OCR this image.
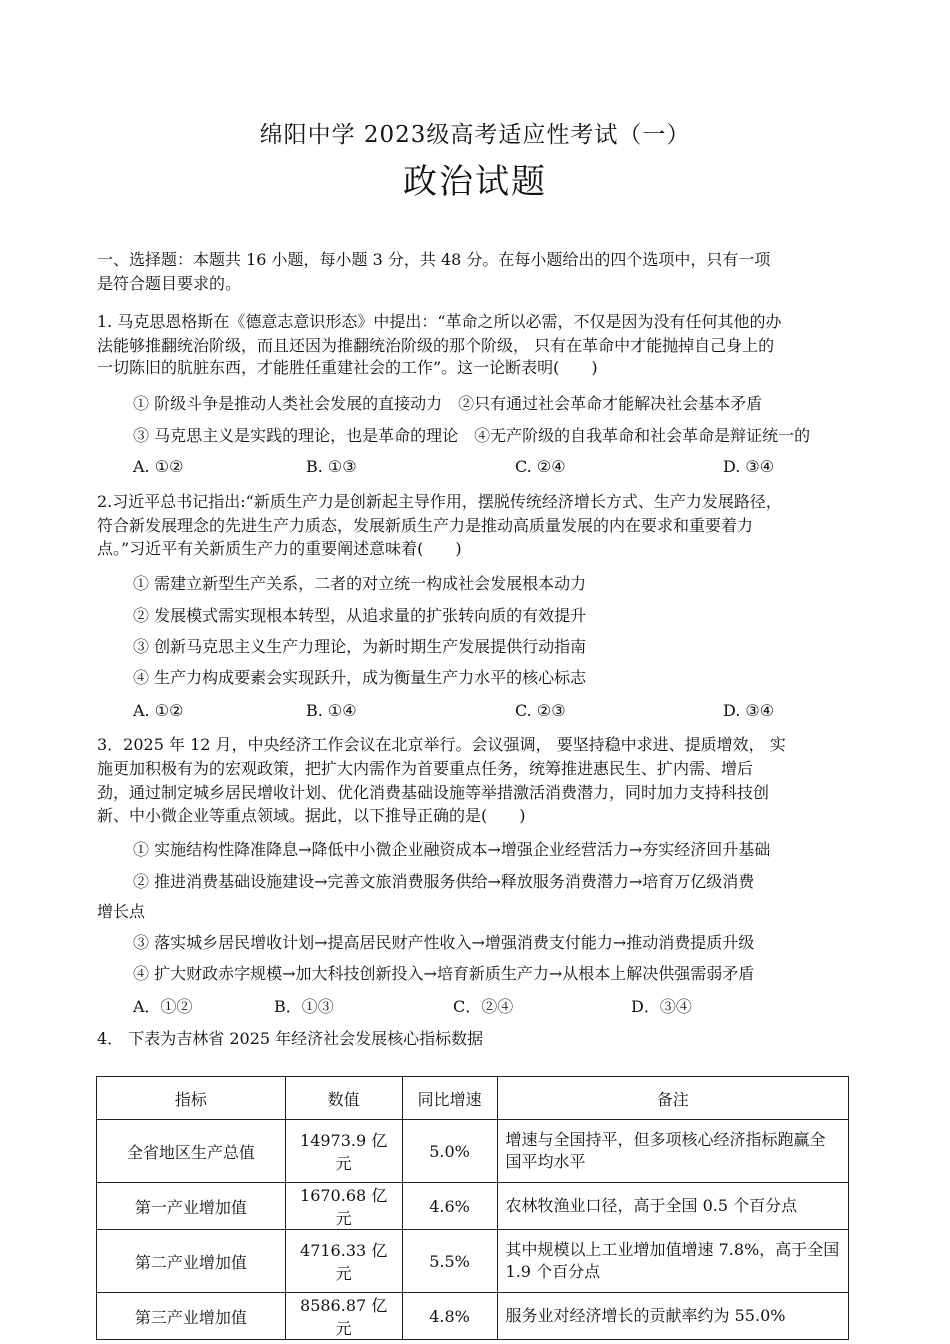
绵阳中学 2023级高考适应性考试（一）
政治试题
一、选择题：本题共 16 小题，每小题 3 分，共 48 分。在每小题给出的四个选项中，只有一项
是符合题目要求的。
1. 马克思恩格斯在《德意志意识形态》中提出：“革命之所以必需，不仅是因为没有任何其他的办
法能够推翻统治阶级，而且还因为推翻统治阶级的那个阶级， 只有在革命中才能抛掉自己身上的
一切陈旧的肮脏东西，才能胜任重建社会的工作”。这一论断表明(　　)
① 阶级斗争是推动人类社会发展的直接动力　②只有通过社会革命才能解决社会基本矛盾
③ 马克思主义是实践的理论，也是革命的理论　④无产阶级的自我革命和社会革命是辩证统一的
A. ①②	B. ①③	C. ②④	D. ③④
2.习近平总书记指出:“新质生产力是创新起主导作用，摆脱传统经济增长方式、生产力发展路径，
符合新发展理念的先进生产力质态，发展新质生产力是推动高质量发展的内在要求和重要着力
点。”习近平有关新质生产力的重要阐述意味着(　　)
① 需建立新型生产关系，二者的对立统一构成社会发展根本动力
② 发展模式需实现根本转型，从追求量的扩张转向质的有效提升
③ 创新马克思主义生产力理论，为新时期生产发展提供行动指南
④ 生产力构成要素会实现跃升，成为衡量生产力水平的核心标志
A. ①②	B. ①④	C. ②③	D. ③④
3．2025 年 12 月，中央经济工作会议在北京举行。会议强调， 要坚持稳中求进、提质增效， 实
施更加积极有为的宏观政策，把扩大内需作为首要重点任务，统筹推进惠民生、扩内需、增后
劲，通过制定城乡居民增收计划、优化消费基础设施等举措激活消费潜力，同时加力支持科技创
新、中小微企业等重点领域。据此，以下推导正确的是(　　)
① 实施结构性降准降息→降低中小微企业融资成本→增强企业经营活力→夯实经济回升基础
② 推进消费基础设施建设→完善文旅消费服务供给→释放服务消费潜力→培育万亿级消费
增长点
③ 落实城乡居民增收计划→提高居民财产性收入→增强消费支付能力→推动消费提质升级
④ 扩大财政赤字规模→加大科技创新投入→培育新质生产力→从根本上解决供强需弱矛盾
A．①②	B．①③	C．②④	D．③④
4． 下表为吉林省 2025 年经济社会发展核心指标数据
指标	数值	同比增速	备注
全省地区生产总值	14973.9 亿元	5.0%	增速与全国持平，但多项核心经济指标跑赢全国平均水平
第一产业增加值	1670.68 亿元	4.6%	农林牧渔业口径，高于全国 0.5 个百分点
第二产业增加值	4716.33 亿元	5.5%	其中规模以上工业增加值增速 7.8%，高于全国 1.9 个百分点
第三产业增加值	8586.87 亿元	4.8%	服务业对经济增长的贡献率约为 55.0%
